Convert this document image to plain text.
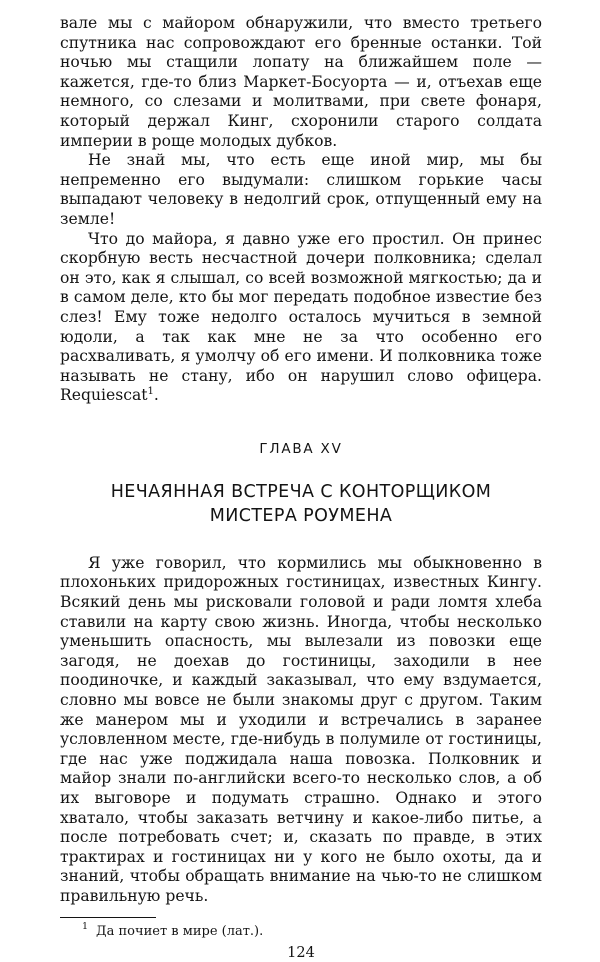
вале мы с майором обнаружили, что вместо третьего спутника нас сопровождают его бренные останки. Той ночью мы стащили лопату на ближайшем поле — кажется, где-то близ Маркет-Босуорта — и, отъехав еще немного, со слезами и молитвами, при свете фонаря, который держал Кинг, схоронили старого солдата империи в роще молодых дубков.

Не знай мы, что есть еще иной мир, мы бы непременно его выдумали: слишком горькие часы выпадают человеку в недолгий срок, отпущенный ему на земле!

Что до майора, я давно уже его простил. Он принес скорбную весть несчастной дочери полковника; сделал он это, как я слышал, со всей возможной мягкостью; да и в самом деле, кто бы мог передать подобное известие без слез! Ему тоже недолго осталось мучиться в земной юдоли, а так как мне не за что особенно его расхваливать, я умолчу об его имени. И полковника тоже называть не стану, ибо он нарушил слово офицера. Requiescat$^1$.

ГЛАВА XV
НЕЧАЯННАЯ ВСТРЕЧА С КОНТОРЩИКОМ
МИСТЕРА РОУМЕНА

Я уже говорил, что кормились мы обыкновенно в плохоньких придорожных гостиницах, известных Кингу. Всякий день мы рисковали головой и ради ломтя хлеба ставили на карту свою жизнь. Иногда, чтобы несколько уменьшить опасность, мы вылезали из повозки еще загодя, не доехав до гостиницы, заходили в нее поодиночке, и каждый заказывал, что ему вздумается, словно мы вовсе не были знакомы друг с другом. Таким же манером мы и уходили и встречались в заранее условленном месте, где-нибудь в полумиле от гостиницы, где нас уже поджидала наша повозка. Полковник и майор знали по-английски всего-то несколько слов, а об их выговоре и подумать страшно. Однако и этого хватало, чтобы заказать ветчину и какое-либо питье, а после потребовать счет; и, сказать по правде, в этих трактирах и гостиницах ни у кого не было охоты, да и знаний, чтобы обращать внимание на чью-то не слишком правильную речь.

$^1$ Да почиет в мире (лат.).
124
